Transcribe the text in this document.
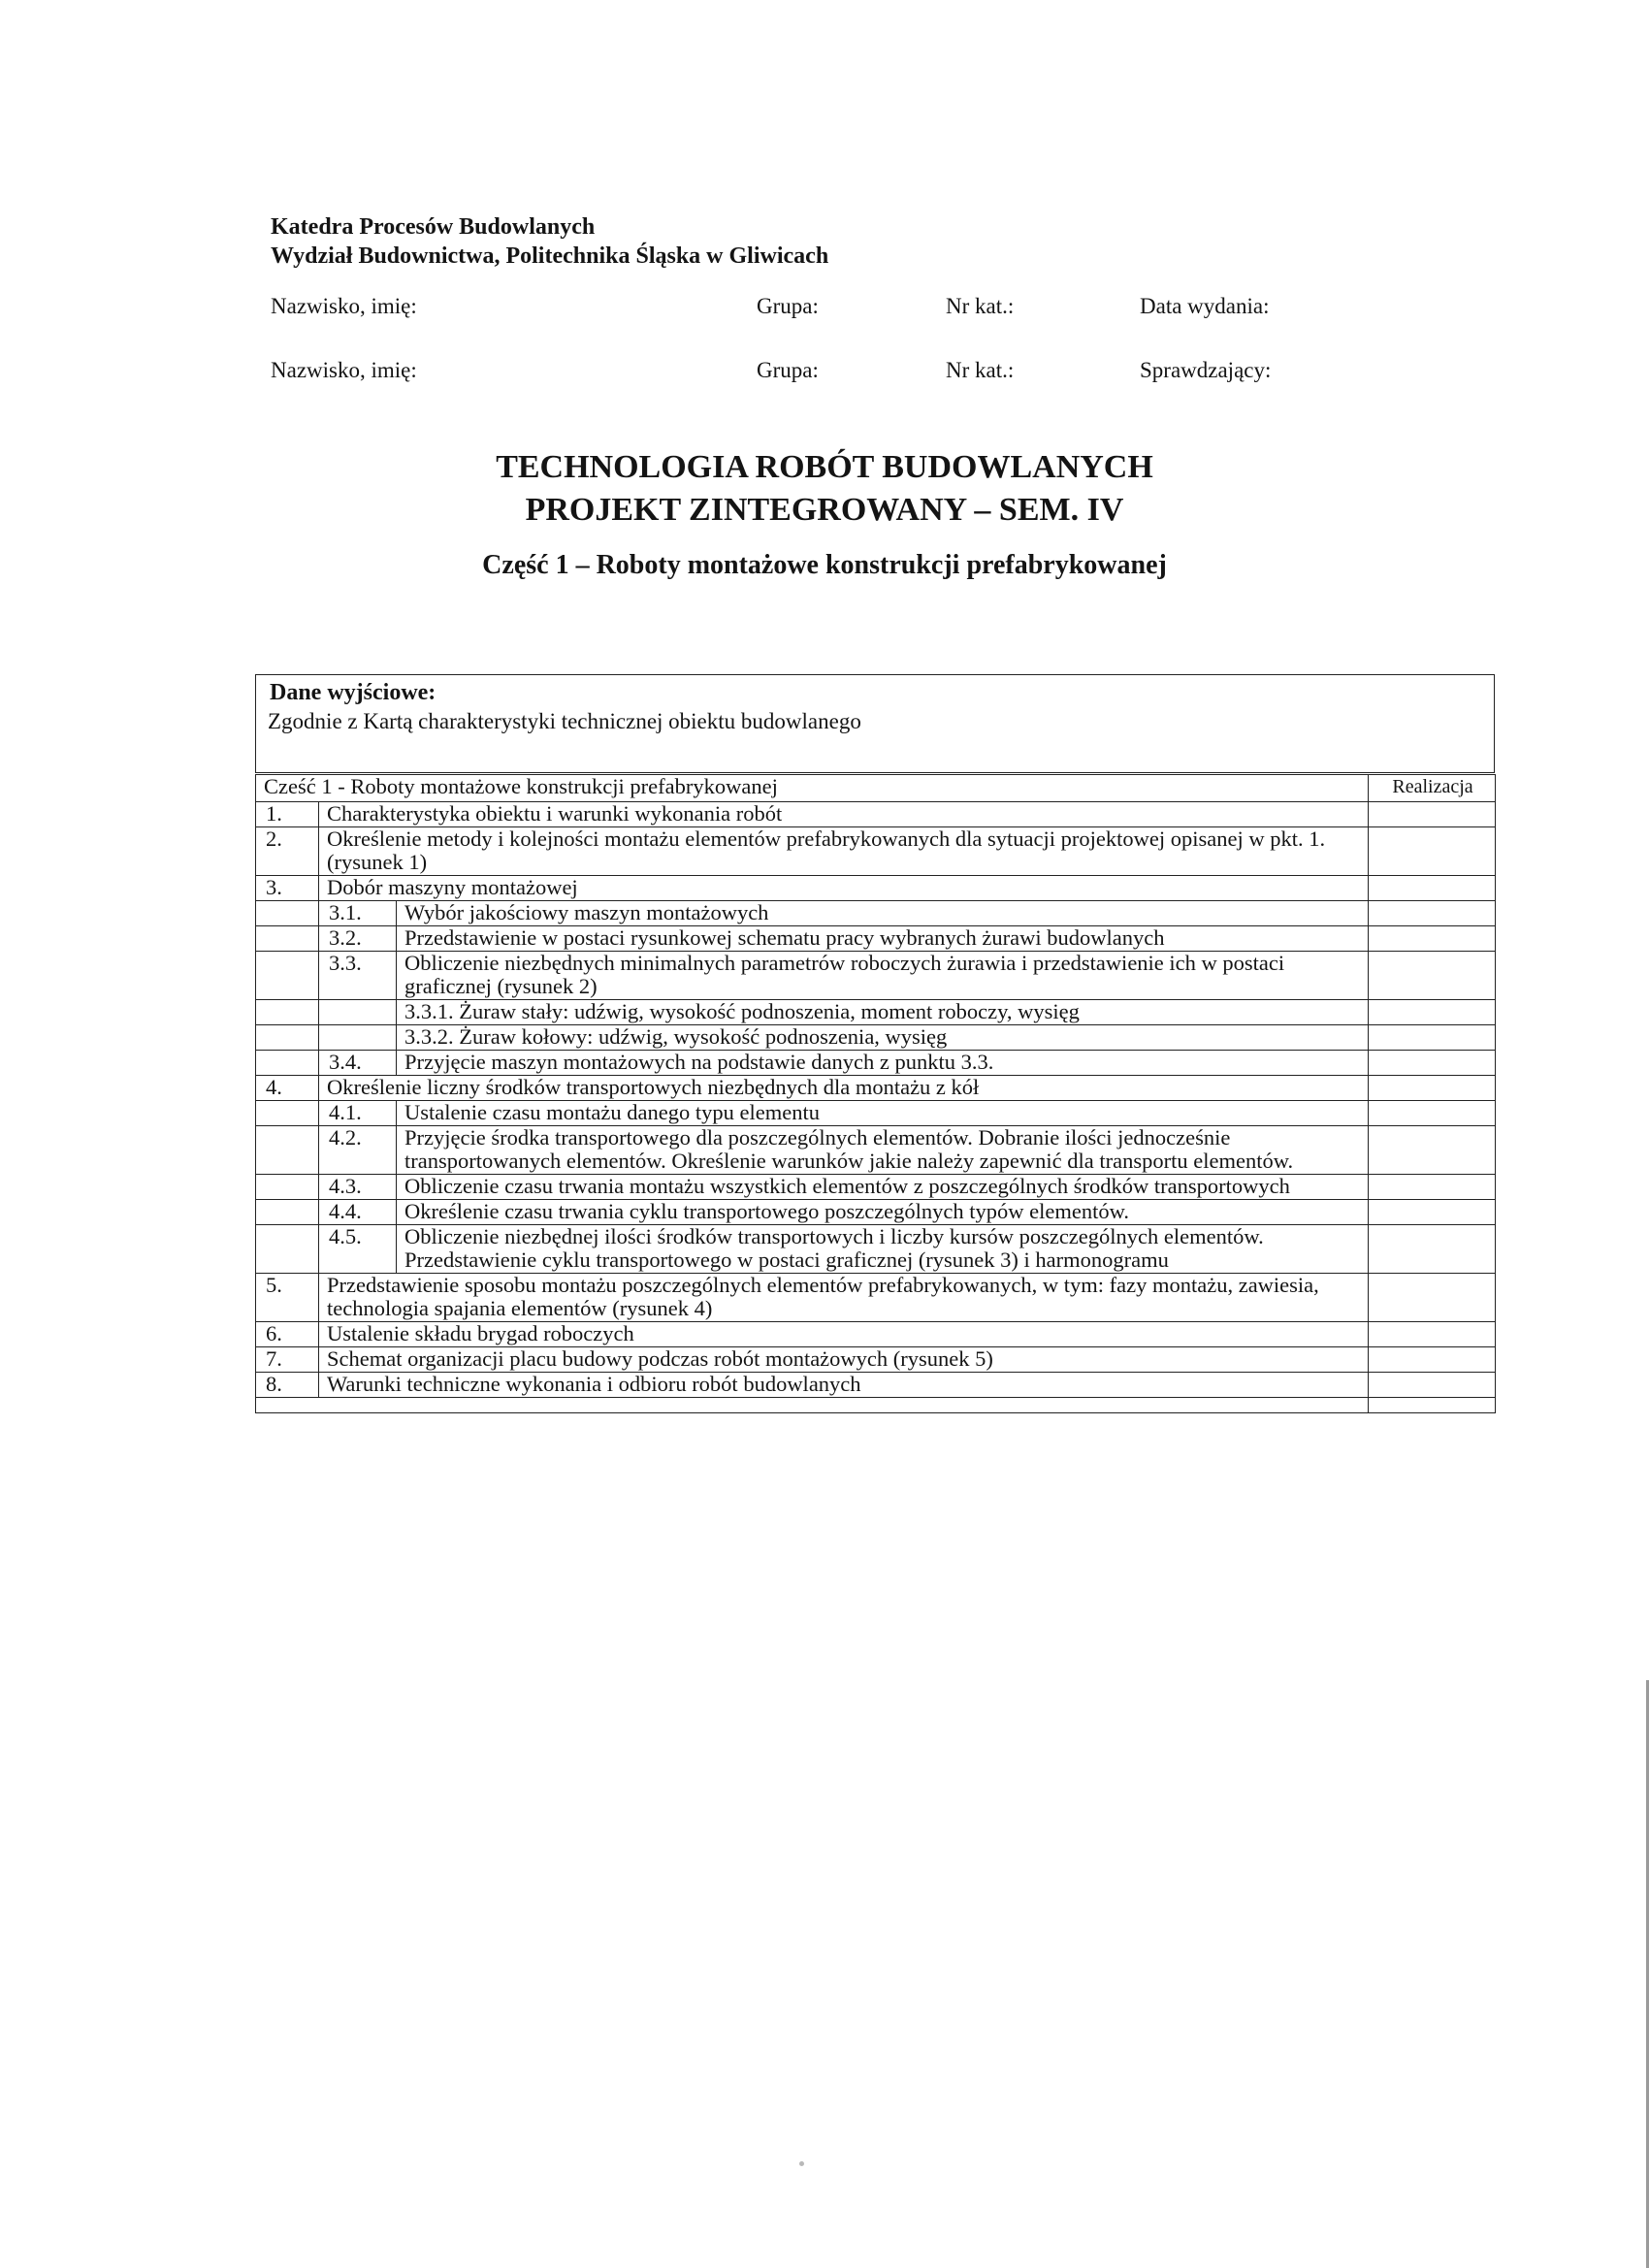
Katedra Procesów Budowlanych
Wydział Budownictwa, Politechnika Śląska w Gliwicach
Nazwisko, imię:	Grupa:	Nr kat.:	Data wydania:
Nazwisko, imię:	Grupa:	Nr kat.:	Sprawdzający:
TECHNOLOGIA ROBÓT BUDOWLANYCH
PROJEKT ZINTEGROWANY – SEM. IV
Część 1 – Roboty montażowe konstrukcji prefabrykowanej
Dane wyjściowe:
Zgodnie z Kartą charakterystyki technicznej obiektu budowlanego
Cześć 1 - Roboty montażowe konstrukcji prefabrykowanej			Realizacja
1.	Charakterystyka obiektu i warunki wykonania robót		
2.	Określenie metody i kolejności montażu elementów prefabrykowanych dla sytuacji projektowej opisanej w pkt. 1. (rysunek 1)		
3.	Dobór maszyny montażowej		
	3.1.	Wybór jakościowy maszyn montażowych	
	3.2.	Przedstawienie w postaci rysunkowej schematu pracy wybranych żurawi budowlanych	
	3.3.	Obliczenie niezbędnych minimalnych parametrów roboczych żurawia i przedstawienie ich w postaci graficznej (rysunek 2)	
		3.3.1. Żuraw stały: udźwig, wysokość podnoszenia, moment roboczy, wysięg	
		3.3.2. Żuraw kołowy: udźwig, wysokość podnoszenia, wysięg	
	3.4.	Przyjęcie maszyn montażowych na podstawie danych z punktu 3.3.	
4.	Określenie liczny środków transportowych niezbędnych dla montażu z kół		
	4.1.	Ustalenie czasu montażu danego typu elementu	
	4.2.	Przyjęcie środka transportowego dla poszczególnych elementów. Dobranie ilości jednocześnie transportowanych elementów. Określenie warunków jakie należy zapewnić dla transportu elementów.	
	4.3.	Obliczenie czasu trwania montażu wszystkich elementów z poszczególnych środków transportowych	
	4.4.	Określenie czasu trwania cyklu transportowego poszczególnych typów elementów.	
	4.5.	Obliczenie niezbędnej ilości środków transportowych i liczby kursów poszczególnych elementów. Przedstawienie cyklu transportowego w postaci graficznej (rysunek 3) i harmonogramu	
5.	Przedstawienie sposobu montażu poszczególnych elementów prefabrykowanych, w tym: fazy montażu, zawiesia, technologia spajania elementów (rysunek 4)		
6.	Ustalenie składu brygad roboczych		
7.	Schemat organizacji placu budowy podczas robót montażowych (rysunek 5)		
8.	Warunki techniczne wykonania i odbioru robót budowlanych		
